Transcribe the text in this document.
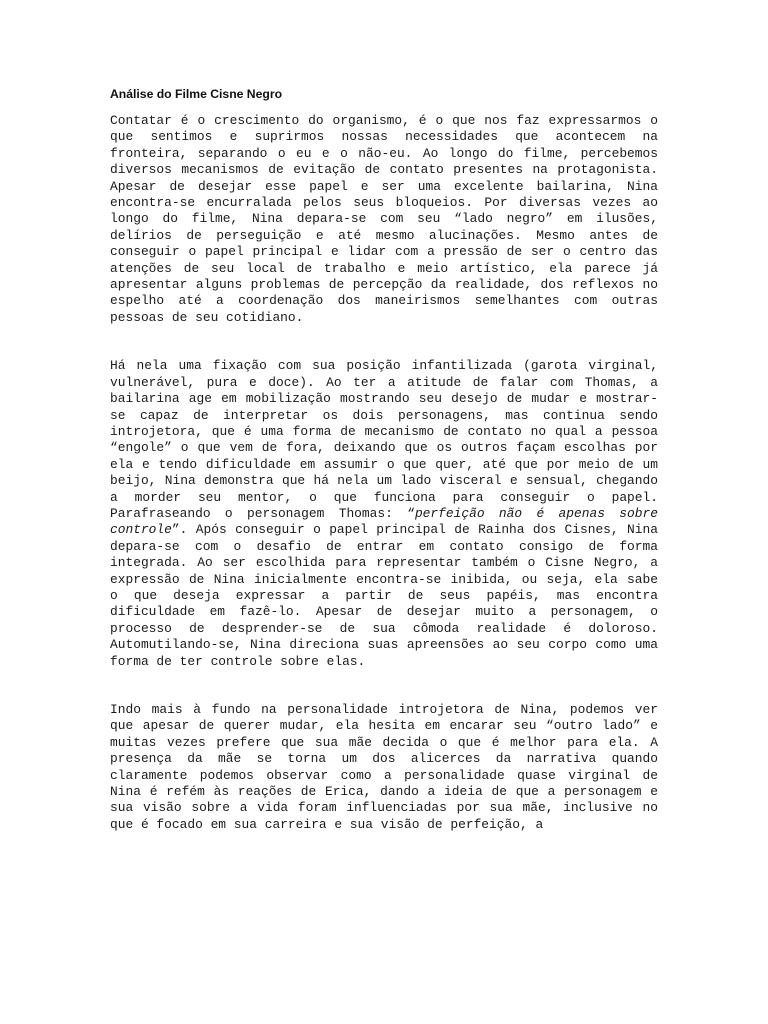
Análise do Filme Cisne Negro

Contatar é o crescimento do organismo, é o que nos faz expressarmos o que sentimos e suprirmos nossas necessidades que acontecem na fronteira, separando o eu e o não-eu. Ao longo do filme, percebemos diversos mecanismos de evitação de contato presentes na protagonista. Apesar de desejar esse papel e ser uma excelente bailarina, Nina encontra-se encurralada pelos seus bloqueios. Por diversas vezes ao longo do filme, Nina depara-se com seu “lado negro” em ilusões, delírios de perseguição e até mesmo alucinações. Mesmo antes de conseguir o papel principal e lidar com a pressão de ser o centro das atenções de seu local de trabalho e meio artístico, ela parece já apresentar alguns problemas de percepção da realidade, dos reflexos no espelho até a coordenação dos maneirismos semelhantes com outras pessoas de seu cotidiano.

Há nela uma fixação com sua posição infantilizada (garota virginal, vulnerável, pura e doce). Ao ter a atitude de falar com Thomas, a bailarina age em mobilização mostrando seu desejo de mudar e mostrar-se capaz de interpretar os dois personagens, mas continua sendo introjetora, que é uma forma de mecanismo de contato no qual a pessoa “engole” o que vem de fora, deixando que os outros façam escolhas por ela e tendo dificuldade em assumir o que quer, até que por meio de um beijo, Nina demonstra que há nela um lado visceral e sensual, chegando a morder seu mentor, o que funciona para conseguir o papel. Parafraseando o personagem Thomas: “perfeição não é apenas sobre controle”. Após conseguir o papel principal de Rainha dos Cisnes, Nina depara-se com o desafio de entrar em contato consigo de forma integrada. Ao ser escolhida para representar também o Cisne Negro, a expressão de Nina inicialmente encontra-se inibida, ou seja, ela sabe o que deseja expressar a partir de seus papéis, mas encontra dificuldade em fazê-lo. Apesar de desejar muito a personagem, o processo de desprender-se de sua cômoda realidade é doloroso. Automutilando-se, Nina direciona suas apreensões ao seu corpo como uma forma de ter controle sobre elas.

Indo mais à fundo na personalidade introjetora de Nina, podemos ver que apesar de querer mudar, ela hesita em encarar seu “outro lado” e muitas vezes prefere que sua mãe decida o que é melhor para ela. A presença da mãe se torna um dos alicerces da narrativa quando claramente podemos observar como a personalidade quase virginal de Nina é refém às reações de Erica, dando a ideia de que a personagem e sua visão sobre a vida foram influenciadas por sua mãe, inclusive no que é focado em sua carreira e sua visão de perfeição, a
